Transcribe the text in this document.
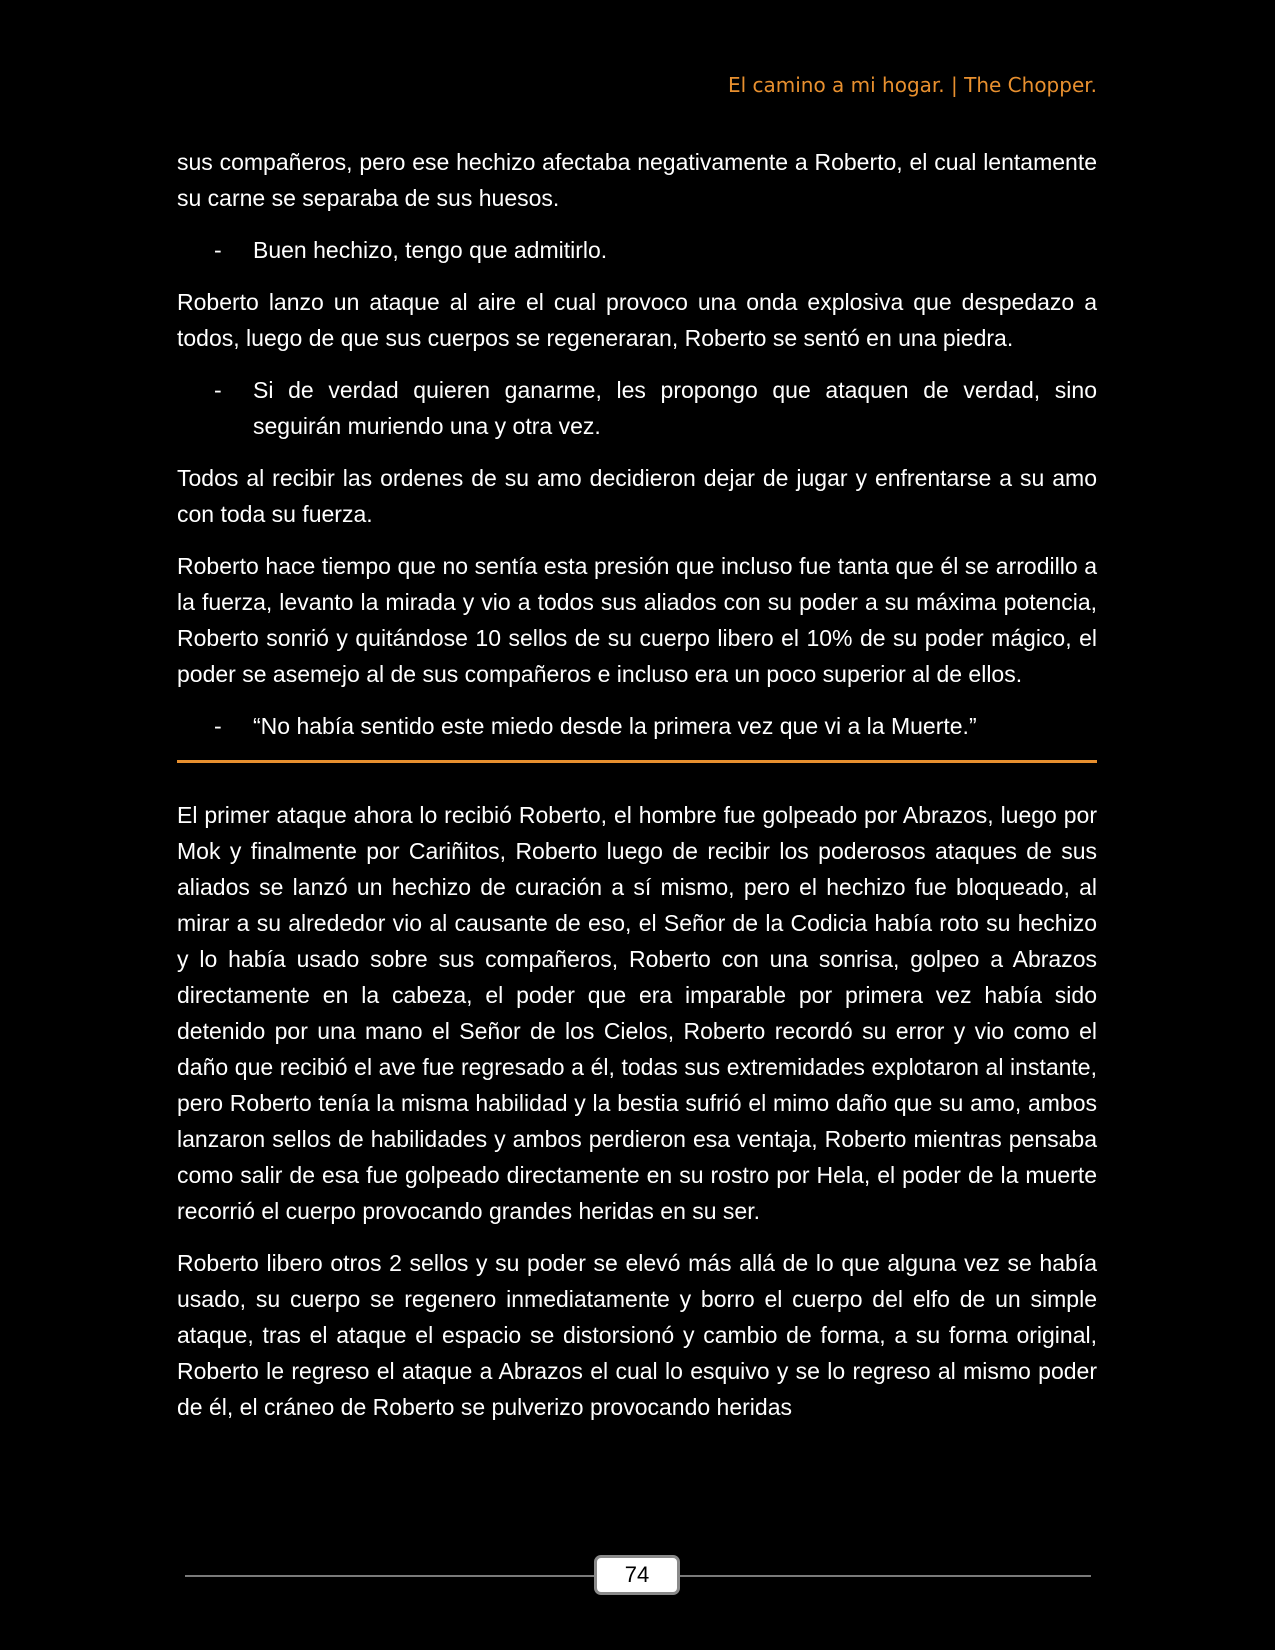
El camino a mi hogar. | The Chopper.

sus compañeros, pero ese hechizo afectaba negativamente a Roberto, el cual lentamente su carne se separaba de sus huesos.

-	Buen hechizo, tengo que admitirlo.

Roberto lanzo un ataque al aire el cual provoco una onda explosiva que despedazo a todos, luego de que sus cuerpos se regeneraran, Roberto se sentó en una piedra.

-	Si de verdad quieren ganarme, les propongo que ataquen de verdad, sino seguirán muriendo una y otra vez.

Todos al recibir las ordenes de su amo decidieron dejar de jugar y enfrentarse a su amo con toda su fuerza.

Roberto hace tiempo que no sentía esta presión que incluso fue tanta que él se arrodillo a la fuerza, levanto la mirada y vio a todos sus aliados con su poder a su máxima potencia, Roberto sonrió y quitándose 10 sellos de su cuerpo libero el 10% de su poder mágico, el poder se asemejo al de sus compañeros e incluso era un poco superior al de ellos.

-	“No había sentido este miedo desde la primera vez que vi a la Muerte.”

El primer ataque ahora lo recibió Roberto, el hombre fue golpeado por Abrazos, luego por Mok y finalmente por Cariñitos, Roberto luego de recibir los poderosos ataques de sus aliados se lanzó un hechizo de curación a sí mismo, pero el hechizo fue bloqueado, al mirar a su alrededor vio al causante de eso, el Señor de la Codicia había roto su hechizo y lo había usado sobre sus compañeros, Roberto con una sonrisa, golpeo a Abrazos directamente en la cabeza, el poder que era imparable por primera vez había sido detenido por una mano el Señor de los Cielos, Roberto recordó su error y vio como el daño que recibió el ave fue regresado a él, todas sus extremidades explotaron al instante, pero Roberto tenía la misma habilidad y la bestia sufrió el mimo daño que su amo, ambos lanzaron sellos de habilidades y ambos perdieron esa ventaja, Roberto mientras pensaba como salir de esa fue golpeado directamente en su rostro por Hela, el poder de la muerte recorrió el cuerpo provocando grandes heridas en su ser.

Roberto libero otros 2 sellos y su poder se elevó más allá de lo que alguna vez se había usado, su cuerpo se regenero inmediatamente y borro el cuerpo del elfo de un simple ataque, tras el ataque el espacio se distorsionó y cambio de forma, a su forma original, Roberto le regreso el ataque a Abrazos el cual lo esquivo y se lo regreso al mismo poder de él, el cráneo de Roberto se pulverizo provocando heridas

74
